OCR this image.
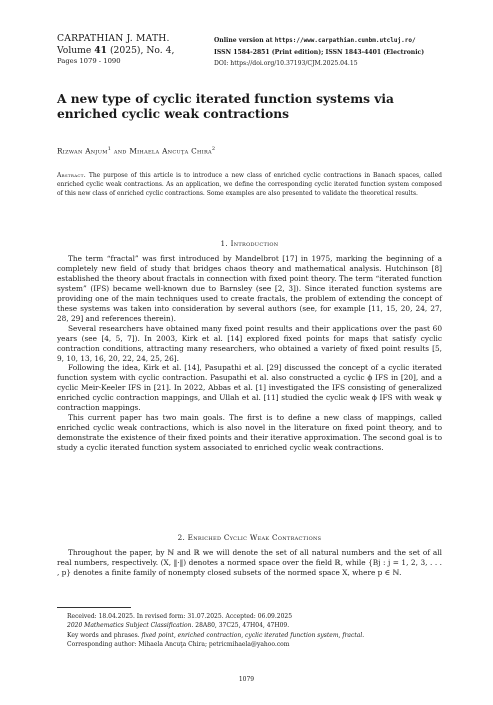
CARPATHIAN J. MATH.
Volume 41 (2025), No. 4,
Pages 1079 - 1090
Online version at https://www.carpathian.cunbm.utcluj.ro/
ISSN 1584-2851 (Print edition); ISSN 1843-4401 (Electronic)
DOI: https://doi.org/10.37193/CJM.2025.04.15
A new type of cyclic iterated function systems via enriched cyclic weak contractions
Rizwan Anjum$^1$ and Mihaela Ancuţa Chira$^2$
Abstract. The purpose of this article is to introduce a new class of enriched cyclic contractions in Banach spaces, called enriched cyclic weak contractions. As an application, we define the corresponding cyclic iterated function system composed of this new class of enriched cyclic contractions. Some examples are also presented to validate the theoretical results.
1. Introduction

The term “fractal” was first introduced by Mandelbrot [17] in 1975, marking the beginning of a completely new field of study that bridges chaos theory and mathematical analysis. Hutchinson [8] established the theory about fractals in connection with fixed point theory. The term “iterated function system” (IFS) became well-known due to Barnsley (see [2, 3]). Since iterated function systems are providing one of the main techniques used to create fractals, the problem of extending the concept of these systems was taken into consideration by several authors (see, for example [11, 15, 20, 24, 27, 28, 29] and references therein).

Several researchers have obtained many fixed point results and their applications over the past 60 years (see [4, 5, 7]). In 2003, Kirk et al. [14] explored fixed points for maps that satisfy cyclic contraction conditions, attracting many researchers, who obtained a variety of fixed point results [5, 9, 10, 13, 16, 20, 22, 24, 25, 26].

Following the idea, Kirk et al. [14], Pasupathi et al. [29] discussed the concept of a cyclic iterated function system with cyclic contraction. Pasupathi et al. also constructed a cyclic ϕ IFS in [20], and a cyclic Meir-Keeler IFS in [21]. In 2022, Abbas et al. [1] investigated the IFS consisting of generalized enriched cyclic contraction mappings, and Ullah et al. [11] studied the cyclic weak ϕ IFS with weak ψ contraction mappings.

This current paper has two main goals. The first is to define a new class of mappings, called enriched cyclic weak contractions, which is also novel in the literature on fixed point theory, and to demonstrate the existence of their fixed points and their iterative approximation. The second goal is to study a cyclic iterated function system associated to enriched cyclic weak contractions.

2. Enriched Cyclic Weak Contractions

Throughout the paper, by ℕ and ℝ we will denote the set of all natural numbers and the set of all real numbers, respectively. (X, ‖·‖) denotes a normed space over the field ℝ, while {Bj : j = 1, 2, 3, . . . , p} denotes a finite family of nonempty closed subsets of the normed space X, where p ∈ ℕ.

Received: 18.04.2025. In revised form: 31.07.2025. Accepted: 06.09.2025
2020 Mathematics Subject Classification. 28A80, 37C25, 47H04, 47H09.
Key words and phrases. fixed point, enriched contraction, cyclic iterated function system, fractal.
Corresponding author: Mihaela Ancuţa Chira; petricmihaela@yahoo.com
1079
